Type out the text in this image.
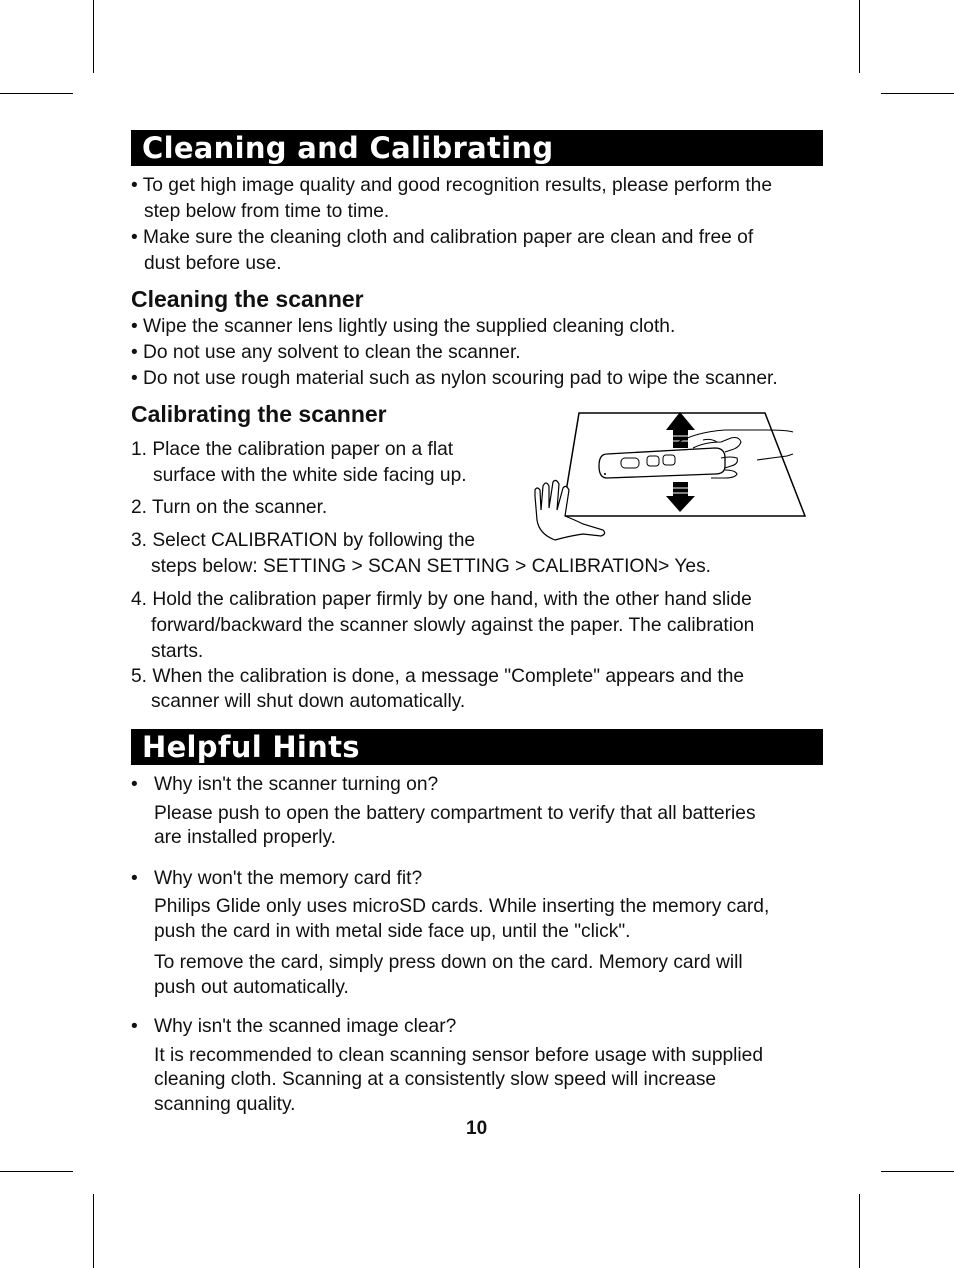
Cleaning and Calibrating
• To get high image quality and good recognition results, please perform the
step below from time to time.
• Make sure the cleaning cloth and calibration paper are clean and free of
dust before use.
Cleaning the scanner
• Wipe the scanner lens lightly using the supplied cleaning cloth.
• Do not use any solvent to clean the scanner.
• Do not use rough material such as nylon scouring pad to wipe the scanner.
Calibrating the scanner
1. Place the calibration paper on a flat
surface with the white side facing up.
2. Turn on the scanner.
3. Select CALIBRATION by following the
steps below: SETTING > SCAN SETTING > CALIBRATION> Yes.
4. Hold the calibration paper firmly by one hand, with the other hand slide
forward/backward the scanner slowly against the paper. The calibration
starts.
5. When the calibration is done, a message "Complete" appears and the
scanner will shut down automatically.
Helpful Hints
• Why isn't the scanner turning on?
Please push to open the battery compartment to verify that all batteries
are installed properly.
• Why won't the memory card fit?
Philips Glide only uses microSD cards. While inserting the memory card,
push the card in with metal side face up, until the "click".
To remove the card, simply press down on the card. Memory card will
push out automatically.
• Why isn't the scanned image clear?
It is recommended to clean scanning sensor before usage with supplied
cleaning cloth. Scanning at a consistently slow speed will increase
scanning quality.
10
